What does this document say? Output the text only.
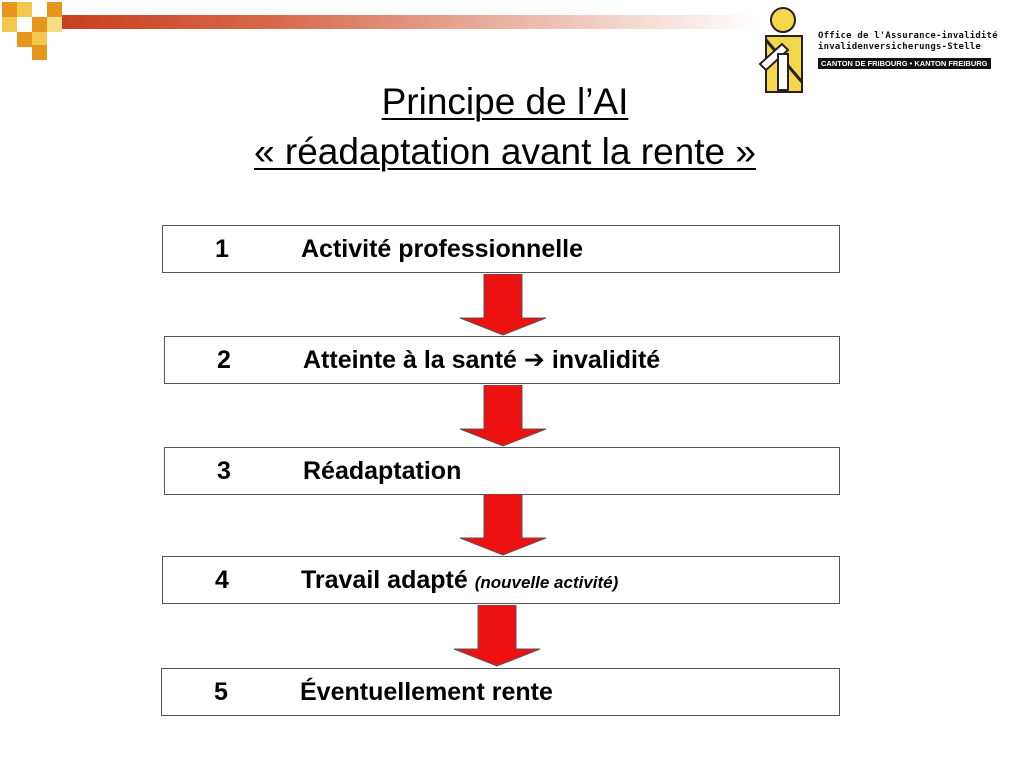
Office de l'Assurance-invalidité
invalidenversicherungs-Stelle
CANTON DE FRIBOURG • KANTON FREIBURG
Principe de l’AI
« réadaptation avant la rente »
1	Activité professionnelle
2	Atteinte à la santé ➔ invalidité
3	Réadaptation
4	Travail adapté (nouvelle activité)
5	Éventuellement rente
